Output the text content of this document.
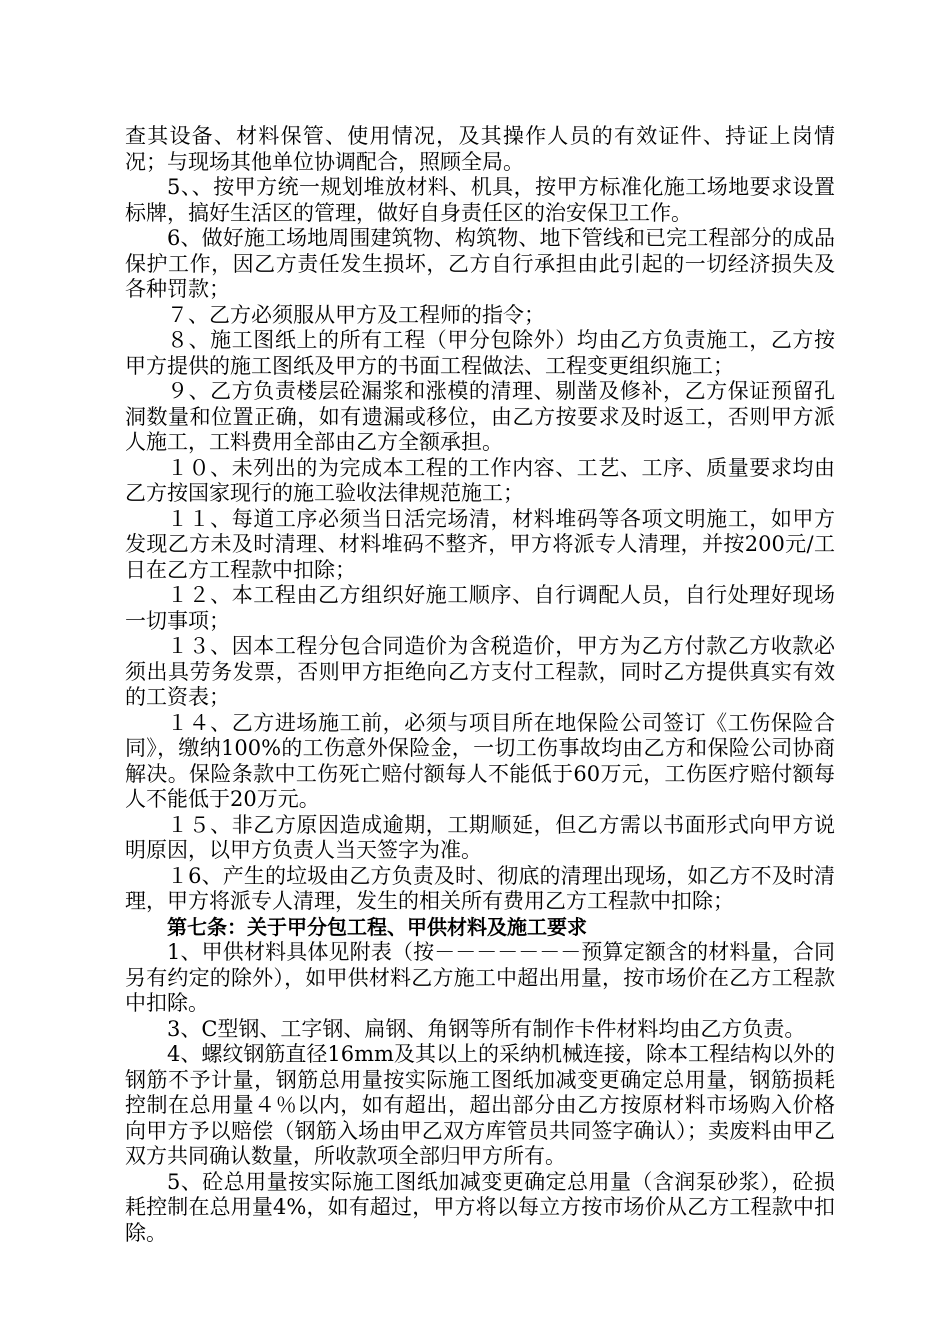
查其设备、材料保管、使用情况，及其操作人员的有效证件、持证上岗情况；与现场其他单位协调配合，照顾全局。

5、、按甲方统一规划堆放材料、机具，按甲方标准化施工场地要求设置标牌，搞好生活区的管理，做好自身责任区的治安保卫工作。

6、做好施工场地周围建筑物、构筑物、地下管线和已完工程部分的成品保护工作，因乙方责任发生损坏，乙方自行承担由此引起的一切经济损失及各种罚款；

７、乙方必须服从甲方及工程师的指令；

８、施工图纸上的所有工程（甲分包除外）均由乙方负责施工，乙方按甲方提供的施工图纸及甲方的书面工程做法、工程变更组织施工；

９、乙方负责楼层砼漏浆和涨模的清理、剔凿及修补，乙方保证预留孔洞数量和位置正确，如有遗漏或移位，由乙方按要求及时返工，否则甲方派人施工，工料费用全部由乙方全额承担。

１０、未列出的为完成本工程的工作内容、工艺、工序、质量要求均由乙方按国家现行的施工验收法律规范施工；

１１、每道工序必须当日活完场清，材料堆码等各项文明施工，如甲方发现乙方未及时清理、材料堆码不整齐，甲方将派专人清理，并按200元/工日在乙方工程款中扣除；

１２、本工程由乙方组织好施工顺序、自行调配人员，自行处理好现场一切事项；

１３、因本工程分包合同造价为含税造价，甲方为乙方付款乙方收款必须出具劳务发票，否则甲方拒绝向乙方支付工程款，同时乙方提供真实有效的工资表；

１４、乙方进场施工前，必须与项目所在地保险公司签订《工伤保险合同》，缴纳100%的工伤意外保险金，一切工伤事故均由乙方和保险公司协商解决。保险条款中工伤死亡赔付额每人不能低于60万元，工伤医疗赔付额每人不能低于20万元。

１５、非乙方原因造成逾期，工期顺延，但乙方需以书面形式向甲方说明原因，以甲方负责人当天签字为准。

１6、产生的垃圾由乙方负责及时、彻底的清理出现场，如乙方不及时清理，甲方将派专人清理，发生的相关所有费用乙方工程款中扣除；

第七条：关于甲分包工程、甲供材料及施工要求

1、甲供材料具体见附表（按－－－－－－－预算定额含的材料量，合同另有约定的除外），如甲供材料乙方施工中超出用量，按市场价在乙方工程款中扣除。

3、C型钢、工字钢、扁钢、角钢等所有制作卡件材料均由乙方负责。

4、螺纹钢筋直径16mm及其以上的采纳机械连接，除本工程结构以外的钢筋不予计量，钢筋总用量按实际施工图纸加减变更确定总用量，钢筋损耗控制在总用量４％以内，如有超出，超出部分由乙方按原材料市场购入价格向甲方予以赔偿（钢筋入场由甲乙双方库管员共同签字确认）；卖废料由甲乙双方共同确认数量，所收款项全部归甲方所有。

5、砼总用量按实际施工图纸加减变更确定总用量（含润泵砂浆），砼损耗控制在总用量4%，如有超过，甲方将以每立方按市场价从乙方工程款中扣除。
